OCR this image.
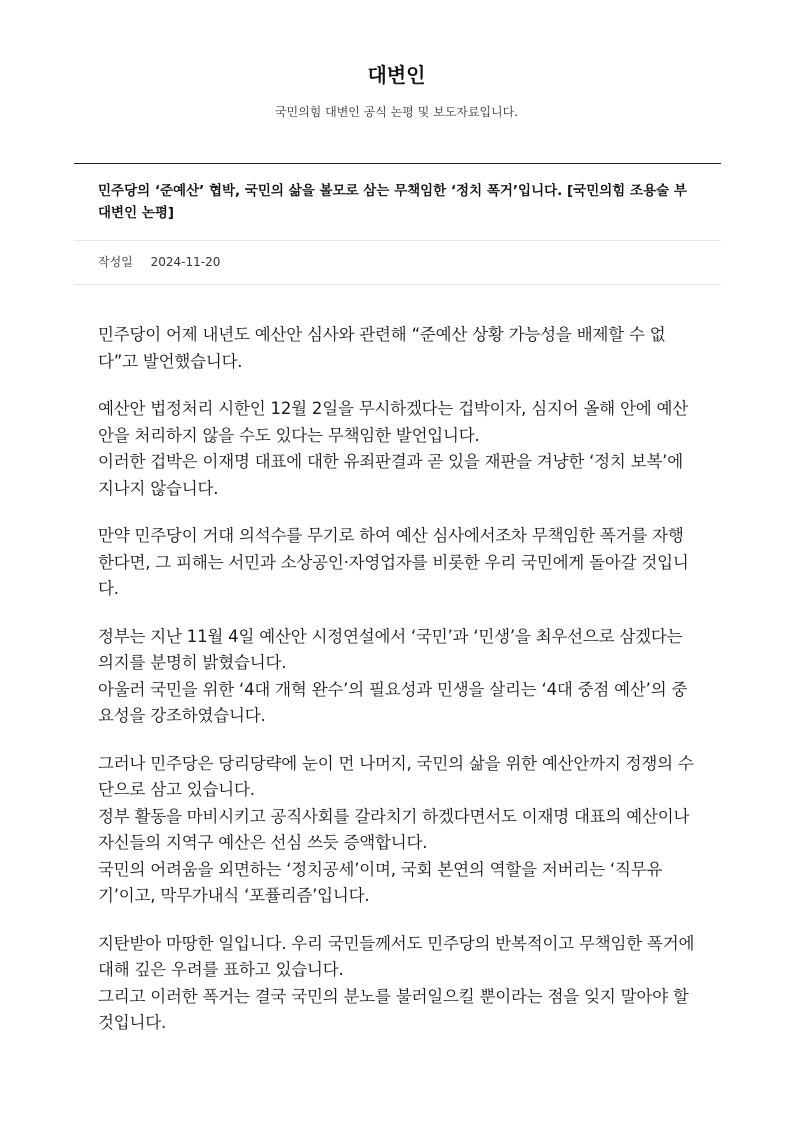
대변인
국민의힘 대변인 공식 논평 및 보도자료입니다.
민주당의 ‘준예산’ 협박, 국민의 삶을 볼모로 삼는 무책임한 ‘정치 폭거’입니다. [국민의힘 조용술 부대변인 논평]
작성일 2024-11-20

민주당이 어제 내년도 예산안 심사와 관련해 “준예산 상황 가능성을 배제할 수 없다”고 발언했습니다.

예산안 법정처리 시한인 12월 2일을 무시하겠다는 겁박이자, 심지어 올해 안에 예산안을 처리하지 않을 수도 있다는 무책임한 발언입니다.
이러한 겁박은 이재명 대표에 대한 유죄판결과 곧 있을 재판을 겨냥한 ‘정치 보복’에 지나지 않습니다.

만약 민주당이 거대 의석수를 무기로 하여 예산 심사에서조차 무책임한 폭거를 자행한다면, 그 피해는 서민과 소상공인·자영업자를 비롯한 우리 국민에게 돌아갈 것입니다.

정부는 지난 11월 4일 예산안 시정연설에서 ‘국민’과 ‘민생’을 최우선으로 삼겠다는 의지를 분명히 밝혔습니다.
아울러 국민을 위한 ‘4대 개혁 완수’의 필요성과 민생을 살리는 ‘4대 중점 예산’의 중요성을 강조하였습니다.

그러나 민주당은 당리당략에 눈이 먼 나머지, 국민의 삶을 위한 예산안까지 정쟁의 수단으로 삼고 있습니다.
정부 활동을 마비시키고 공직사회를 갈라치기 하겠다면서도 이재명 대표의 예산이나 자신들의 지역구 예산은 선심 쓰듯 증액합니다.
국민의 어려움을 외면하는 ‘정치공세’이며, 국회 본연의 역할을 저버리는 ‘직무유기’이고, 막무가내식 ‘포퓰리즘’입니다.

지탄받아 마땅한 일입니다. 우리 국민들께서도 민주당의 반복적이고 무책임한 폭거에 대해 깊은 우려를 표하고 있습니다.
그리고 이러한 폭거는 결국 국민의 분노를 불러일으킬 뿐이라는 점을 잊지 말아야 할 것입니다.
